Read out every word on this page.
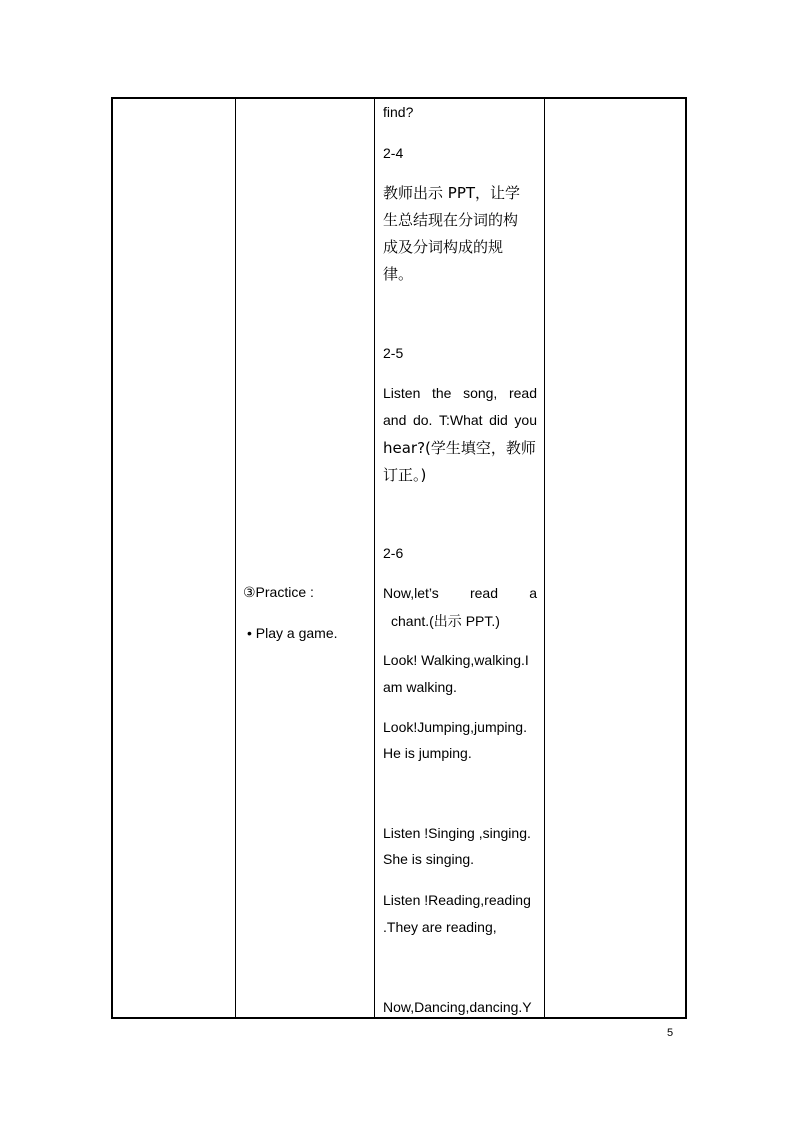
③Practice :
• Play a game.
find?
2-4
教师出示 PPT，让学
生总结现在分词的构
成及分词构成的规
律。
2-5
Listen the song, read
and do. T:What did you
hear?(学生填空，教师
订正。)
2-6
Now,let’s read a
chant.(出示 PPT.)
Look! Walking,walking.I
am walking.
Look!Jumping,jumping.
He is jumping.
Listen !Singing ,singing.
She is singing.
Listen !Reading,reading
.They are reading,
Now,Dancing,dancing.Y
5
